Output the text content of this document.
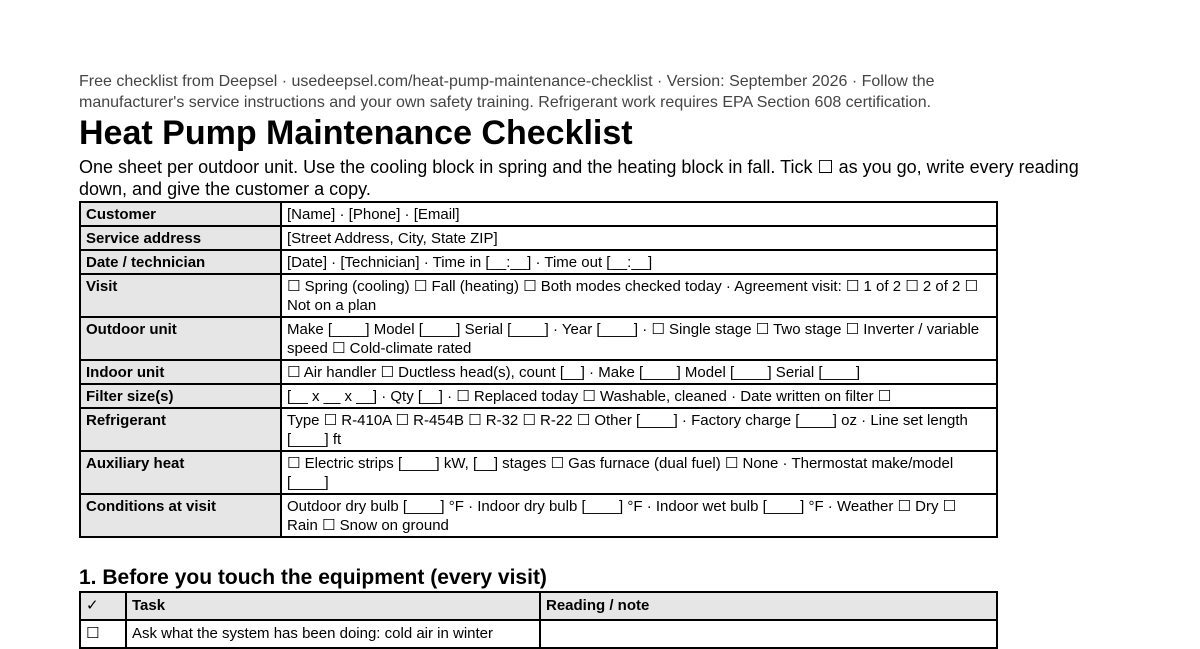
Free checklist from Deepsel · usedeepsel.com/heat-pump-maintenance-checklist · Version: September 2026 · Follow the manufacturer's service instructions and your own safety training. Refrigerant work requires EPA Section 608 certification.
Heat Pump Maintenance Checklist
One sheet per outdoor unit. Use the cooling block in spring and the heating block in fall. Tick ☐ as you go, write every reading down, and give the customer a copy.
Customer	[Name] · [Phone] · [Email]
Service address	[Street Address, City, State ZIP]
Date / technician	[Date] · [Technician] · Time in [__:__] · Time out [__:__]
Visit	☐ Spring (cooling) ☐ Fall (heating) ☐ Both modes checked today · Agreement visit: ☐ 1 of 2 ☐ 2 of 2 ☐ Not on a plan
Outdoor unit	Make [____] Model [____] Serial [____] · Year [____] · ☐ Single stage ☐ Two stage ☐ Inverter / variable speed ☐ Cold-climate rated
Indoor unit	☐ Air handler ☐ Ductless head(s), count [__] · Make [____] Model [____] Serial [____]
Filter size(s)	[__ x __ x __] · Qty [__] · ☐ Replaced today ☐ Washable, cleaned · Date written on filter ☐
Refrigerant	Type ☐ R-410A ☐ R-454B ☐ R-32 ☐ R-22 ☐ Other [____] · Factory charge [____] oz · Line set length [____] ft
Auxiliary heat	☐ Electric strips [____] kW, [__] stages ☐ Gas furnace (dual fuel) ☐ None · Thermostat make/model [____]
Conditions at visit	Outdoor dry bulb [____] °F · Indoor dry bulb [____] °F · Indoor wet bulb [____] °F · Weather ☐ Dry ☐ Rain ☐ Snow on ground
1. Before you touch the equipment (every visit)
✓	Task	Reading / note
☐	Ask what the system has been doing: cold air in winter	
